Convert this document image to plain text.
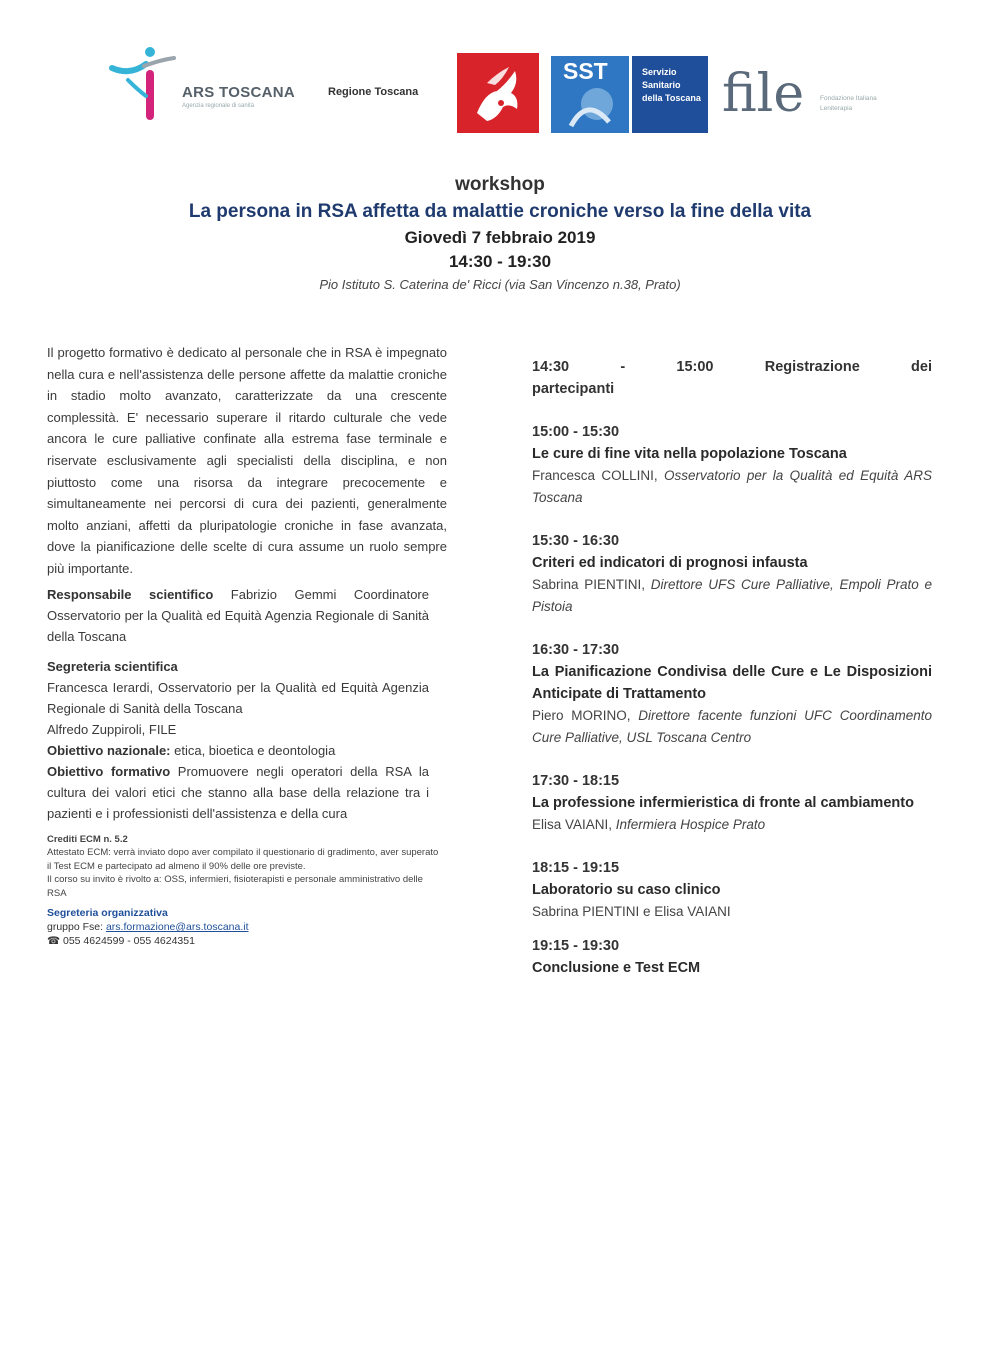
ARS TOSCANA
Agenzia regionale di sanità
Regione Toscana
SST	Servizio Sanitario della Toscana file Fondazione Italiana Leniterapia
workshop
La persona in RSA affetta da malattie croniche verso la fine della vita
Giovedì 7 febbraio 2019
14:30 - 19:30
Pio Istituto S. Caterina de' Ricci (via San Vincenzo n.38, Prato)

Il progetto formativo è dedicato al personale che in RSA è impegnato nella cura e nell'assistenza delle persone affette da malattie croniche in stadio molto avanzato, caratterizzate da una crescente complessità. E' necessario superare il ritardo culturale che vede ancora le cure palliative confinate alla estrema fase terminale e riservate esclusivamente agli specialisti della disciplina, e non piuttosto come una risorsa da integrare precocemente e simultaneamente nei percorsi di cura dei pazienti, generalmente molto anziani, affetti da pluripatologie croniche in fase avanzata, dove la pianificazione delle scelte di cura assume un ruolo sempre più importante.

Responsabile scientifico Fabrizio Gemmi Coordinatore Osservatorio per la Qualità ed Equità Agenzia Regionale di Sanità della Toscana

Segreteria scientifica
Francesca Ierardi, Osservatorio per la Qualità ed Equità Agenzia Regionale di Sanità della Toscana
Alfredo Zuppiroli, FILE

Obiettivo nazionale: etica, bioetica e deontologia

Obiettivo formativo Promuovere negli operatori della RSA la cultura dei valori etici che stanno alla base della relazione tra i pazienti e i professionisti dell'assistenza e della cura

Crediti ECM n. 5.2
Attestato ECM: verrà inviato dopo aver compilato il questionario di gradimento, aver superato il Test ECM e partecipato ad almeno il 90% delle ore previste.
Il corso su invito è rivolto a: OSS, infermieri, fisioterapisti e personale amministrativo delle RSA
Segreteria organizzativa
gruppo Fse: ars.formazione@ars.toscana.it
☎ 055 4624599 - 055 4624351
14:30 - 15:00 Registrazione dei
partecipanti
15:00 - 15:30
Le cure di fine vita nella popolazione Toscana
Francesca COLLINI, Osservatorio per la Qualità ed Equità ARS Toscana
15:30 - 16:30
Criteri ed indicatori di prognosi infausta
Sabrina PIENTINI, Direttore UFS Cure Palliative, Empoli Prato e Pistoia
16:30 - 17:30
La Pianificazione Condivisa delle Cure e Le Disposizioni Anticipate di Trattamento
Piero MORINO, Direttore facente funzioni UFC Coordinamento Cure Palliative, USL Toscana Centro
17:30 - 18:15
La professione infermieristica di fronte al cambiamento
Elisa VAIANI, Infermiera Hospice Prato
18:15 - 19:15
Laboratorio su caso clinico
Sabrina PIENTINI e Elisa VAIANI
19:15 - 19:30
Conclusione e Test ECM
